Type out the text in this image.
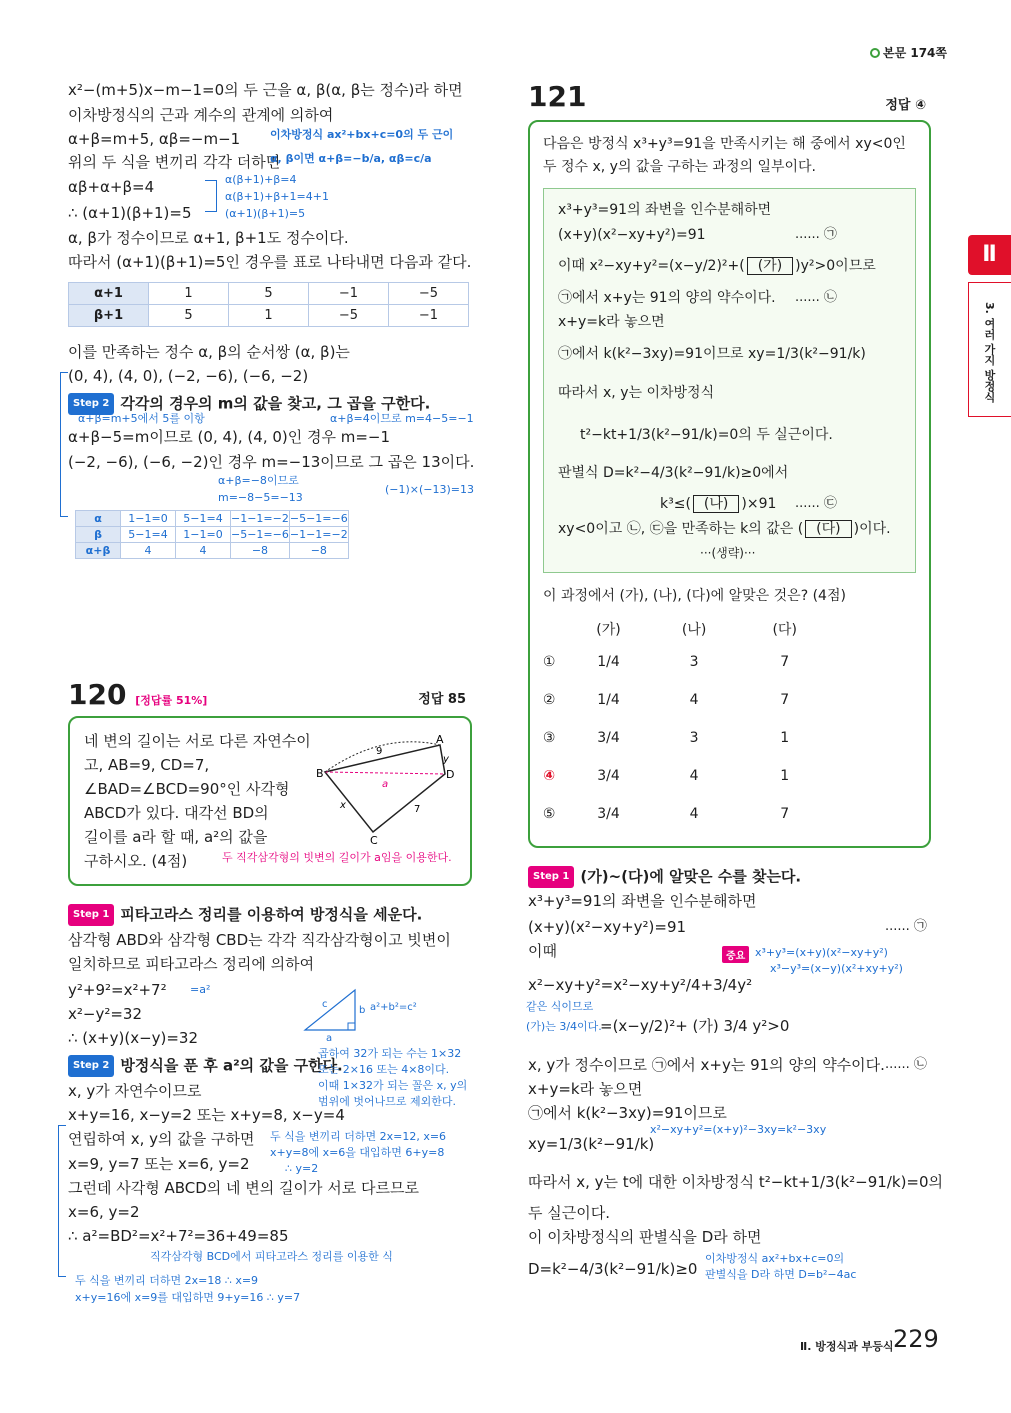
본문 174쪽
Ⅱ
3. 여러 가지 방정식
x²−(m+5)x−m−1=0의 두 근을 α, β(α, β는 정수)라 하면
이차방정식의 근과 계수의 관계에 의하여
α+β=m+5, αβ=−m−1	이차방정식 ax²+bx+c=0의 두 근이
위의 두 식을 변끼리 각각 더하면
α, β이면 α+β=−b/a, αβ=c/a
αβ+α+β=4	α(β+1)+β=4
α(β+1)+β+1=4+1
(α+1)(β+1)=5
∴ (α+1)(β+1)=5
α, β가 정수이므로 α+1, β+1도 정수이다.
따라서 (α+1)(β+1)=5인 경우를 표로 나타내면 다음과 같다.
α+1	1	5	−1	−5
β+1	5	1	−5	−1
이를 만족하는 정수 α, β의 순서쌍 (α, β)는
(0, 4), (4, 0), (−2, −6), (−6, −2)
Step 2 각각의 경우의 m의 값을 찾고, 그 곱을 구한다.
α+β=m+5에서 5를 이항	α+β=4이므로 m=4−5=−1
α+β−5=m이므로 (0, 4), (4, 0)인 경우 m=−1
(−2, −6), (−6, −2)인 경우 m=−13이므로 그 곱은 13이다.
α+β=−8이므로
m=−8−5=−13
(−1)×(−13)=13
α	1−1=0	5−1=4	−1−1=−2	−5−1=−6
β	5−1=4	1−1=0	−5−1=−6	−1−1=−2
α+β	4	4	−8	−8
120 [정답률 51%]	정답 85
네 변의 길이는 서로 다른 자연수이
고, AB=9, CD=7,
∠BAD=∠BCD=90°인 사각형
ABCD가 있다. 대각선 BD의
길이를 a라 할 때, a²의 값을
구하시오. (4점)	두 직각삼각형의 빗변의 길이가 a임을 이용한다.
B
A
D
C
9
7
x
y
a
Step 1 피타고라스 정리를 이용하여 방정식을 세운다.
삼각형 ABD와 삼각형 CBD는 각각 직각삼각형이고 빗변이
일치하므로 피타고라스 정리에 의하여
y²+9²=x²+7² =a²
x²−y²=32
∴ (x+y)(x−y)=32
b
a
c	a²+b²=c²
Step 2 방정식을 푼 후 a²의 값을 구한다.
곱하여 32가 되는 수는 1×32
또는 2×16 또는 4×8이다.
이때 1×32가 되는 꼴은 x, y의
범위에 벗어나므로 제외한다.
x, y가 자연수이므로
x+y=16, x−y=2 또는 x+y=8, x−y=4
연립하여 x, y의 값을 구하면 두 식을 변끼리 더하면 2x=12, x=6
x+y=8에 x=6을 대입하면 6+y=8
∴ y=2
x=9, y=7 또는 x=6, y=2
그런데 사각형 ABCD의 네 변의 길이가 서로 다르므로
x=6, y=2
∴ a²=BD²=x²+7²=36+49=85
직각삼각형 BCD에서 피타고라스 정리를 이용한 식
두 식을 변끼리 더하면 2x=18 ∴ x=9
x+y=16에 x=9를 대입하면 9+y=16 ∴ y=7
121	정답 ④
다음은 방정식 x³+y³=91을 만족시키는 해 중에서 xy<0인
두 정수 x, y의 값을 구하는 과정의 일부이다.
x³+y³=91의 좌변을 인수분해하면
(x+y)(x²−xy+y²)=91	...... ㉠
이때 x²−xy+y²=(x−y/2)²+( (가) )y²>0이므로
㉠에서 x+y는 91의 양의 약수이다. ...... ㉡
x+y=k라 놓으면
㉠에서 k(k²−3xy)=91이므로 xy=1/3(k²−91/k)
따라서 x, y는 이차방정식
t²−kt+1/3(k²−91/k)=0의 두 실근이다.
판별식 D=k²−4/3(k²−91/k)≥0에서
k³≤( (나) )×91 ...... ㉢
xy<0이고 ㉡, ㉢을 만족하는 k의 값은 ( (다) )이다.
···(생략)···
이 과정에서 (가), (나), (다)에 알맞은 것은? (4점)
	(가)	(나)	(다)
①	1/4	3	7
②	1/4	4	7
③	3/4	3	1
④	3/4	4	1
⑤	3/4	4	7
Step 1 (가)~(다)에 알맞은 수를 찾는다.
x³+y³=91의 좌변을 인수분해하면
(x+y)(x²−xy+y²)=91	...... ㉠
이때	중요 x³+y³=(x+y)(x²−xy+y²)
x³−y³=(x−y)(x²+xy+y²)
x²−xy+y²=x²−xy+y²/4+3/4y²
같은 식이므로
(가)는 3/4이다.
=(x−y/2)²+ (가) 3/4 y²>0
x, y가 정수이므로 ㉠에서 x+y는 91의 양의 약수이다. ...... ㉡
x+y=k라 놓으면
㉠에서 k(k²−3xy)=91이므로
x²−xy+y²=(x+y)²−3xy=k²−3xy
xy=1/3(k²−91/k)
따라서 x, y는 t에 대한 이차방정식 t²−kt+1/3(k²−91/k)=0의
두 실근이다.
이 이차방정식의 판별식을 D라 하면
D=k²−4/3(k²−91/k)≥0
이차방정식 ax²+bx+c=0의
판별식을 D라 하면 D=b²−4ac
Ⅱ. 방정식과 부등식 229
